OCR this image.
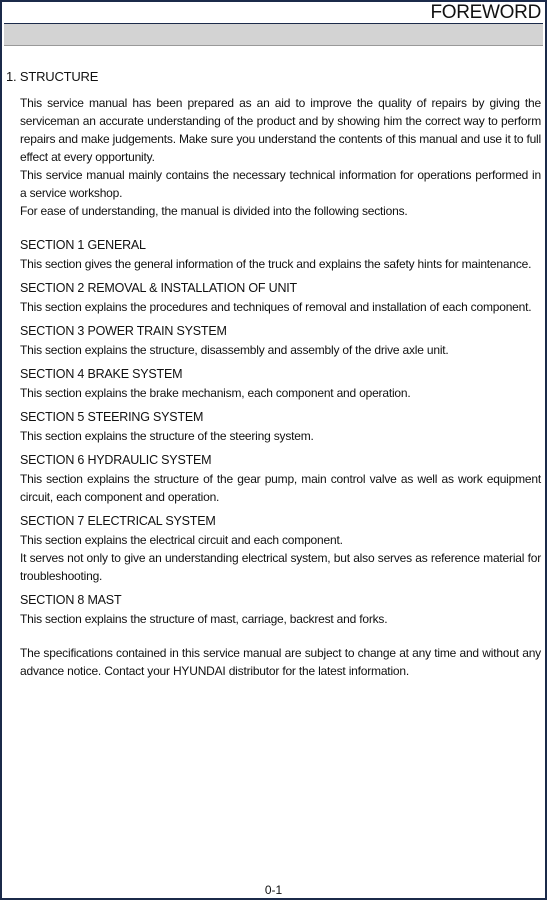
FOREWORD
1. STRUCTURE

This service manual has been prepared as an aid to improve the quality of repairs by giving the serviceman an accurate understanding of the product and by showing him the correct way to perform repairs and make judgements. Make sure you understand the contents of this manual and use it to full effect at every opportunity.

This service manual mainly contains the necessary technical information for operations performed in a service workshop.

For ease of understanding, the manual is divided into the following sections.

SECTION 1 GENERAL

This section gives the general information of the truck and explains the safety hints for maintenance.

SECTION 2 REMOVAL & INSTALLATION OF UNIT

This section explains the procedures and techniques of removal and installation of each component.

SECTION 3 POWER TRAIN SYSTEM

This section explains the structure, disassembly and assembly of the drive axle unit.

SECTION 4 BRAKE SYSTEM

This section explains the brake mechanism, each component and operation.

SECTION 5 STEERING SYSTEM

This section explains the structure of the steering system.

SECTION 6 HYDRAULIC SYSTEM

This section explains the structure of the gear pump, main control valve as well as work equipment circuit, each component and operation.

SECTION 7 ELECTRICAL SYSTEM

This section explains the electrical circuit and each component.

It serves not only to give an understanding electrical system, but also serves as reference material for troubleshooting.

SECTION 8 MAST

This section explains the structure of mast, carriage, backrest and forks.

The specifications contained in this service manual are subject to change at any time and without any advance notice. Contact your HYUNDAI distributor for the latest information.

0-1
